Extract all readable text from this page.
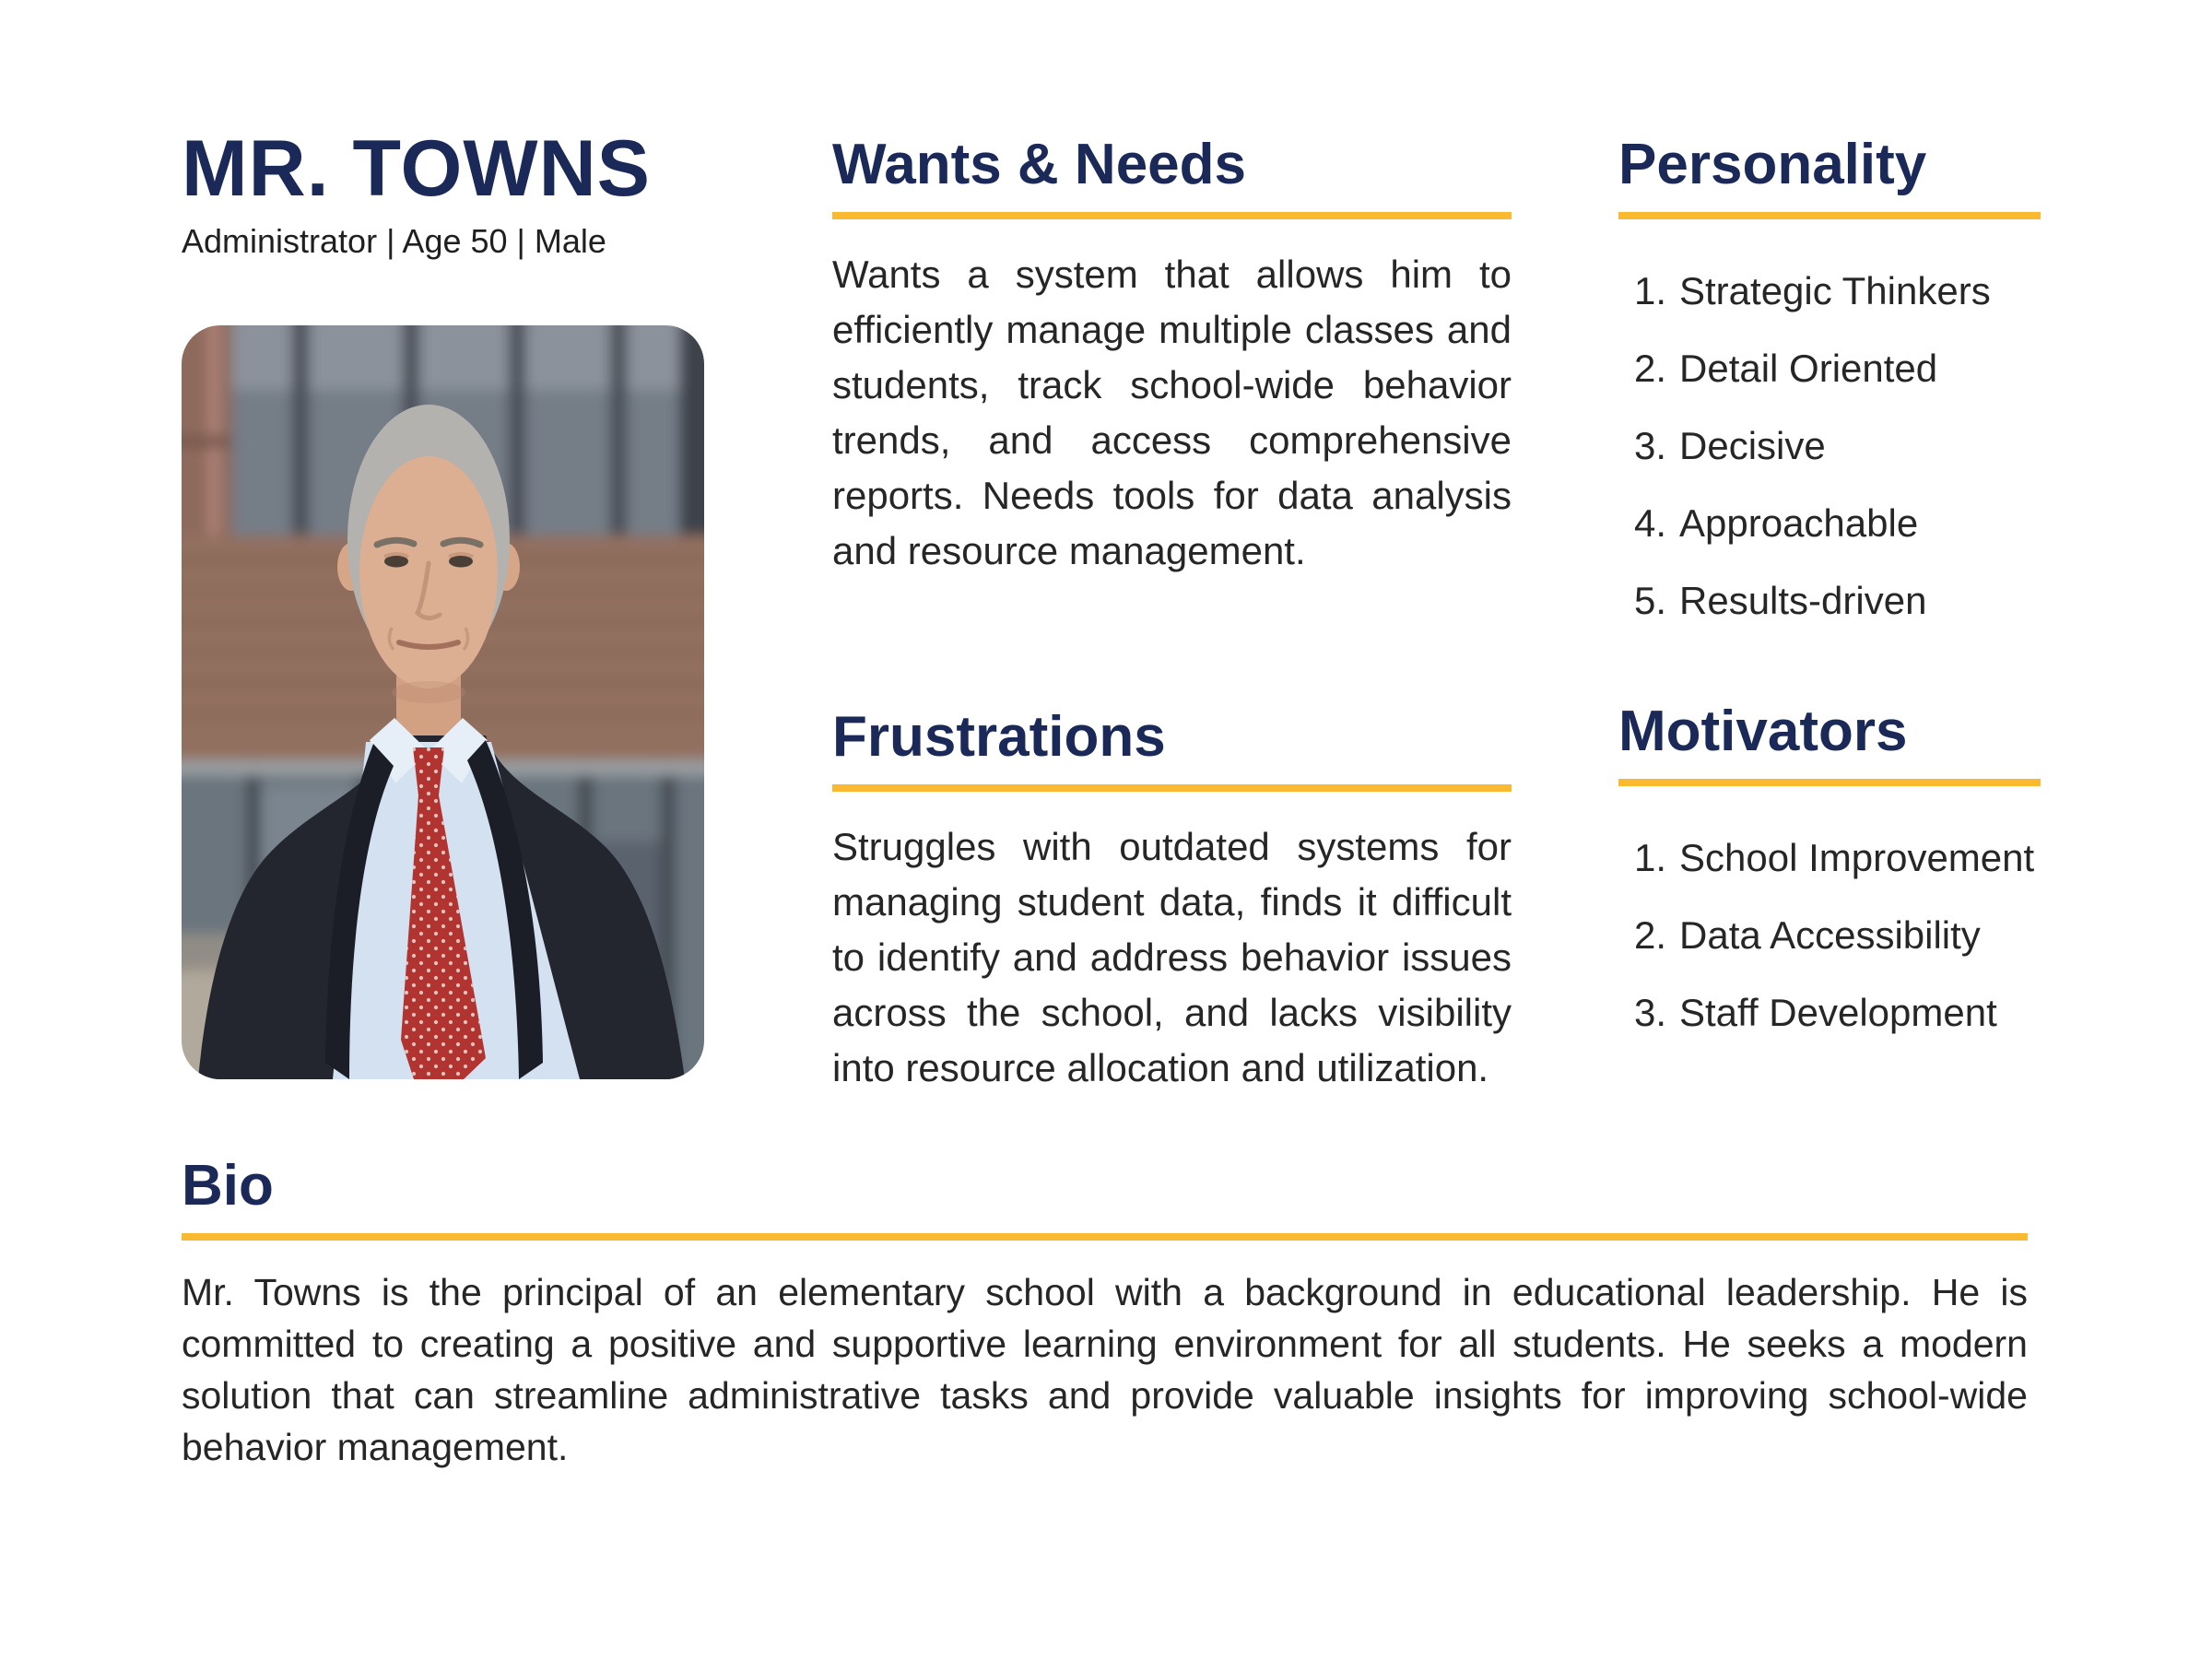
MR. TOWNS

Administrator | Age 50 | Male

Wants & Needs

Wants a system that allows him to efficiently manage multiple classes and students, track school-wide behavior trends, and access comprehensive reports. Needs tools for data analysis and resource management.

Frustrations

Struggles with outdated systems for managing student data, finds it difficult to identify and address behavior issues across the school, and lacks visibility into resource allocation and utilization.

Personality
Strategic Thinkers
Detail Oriented
Decisive
Approachable
Results-driven
Motivators
School Improvement
Data Accessibility
Staff Development
Bio

Mr. Towns is the principal of an elementary school with a background in educational leadership. He is committed to creating a positive and supportive learning environment for all students. He seeks a modern solution that can streamline administrative tasks and provide valuable insights for improving school-wide behavior management.
